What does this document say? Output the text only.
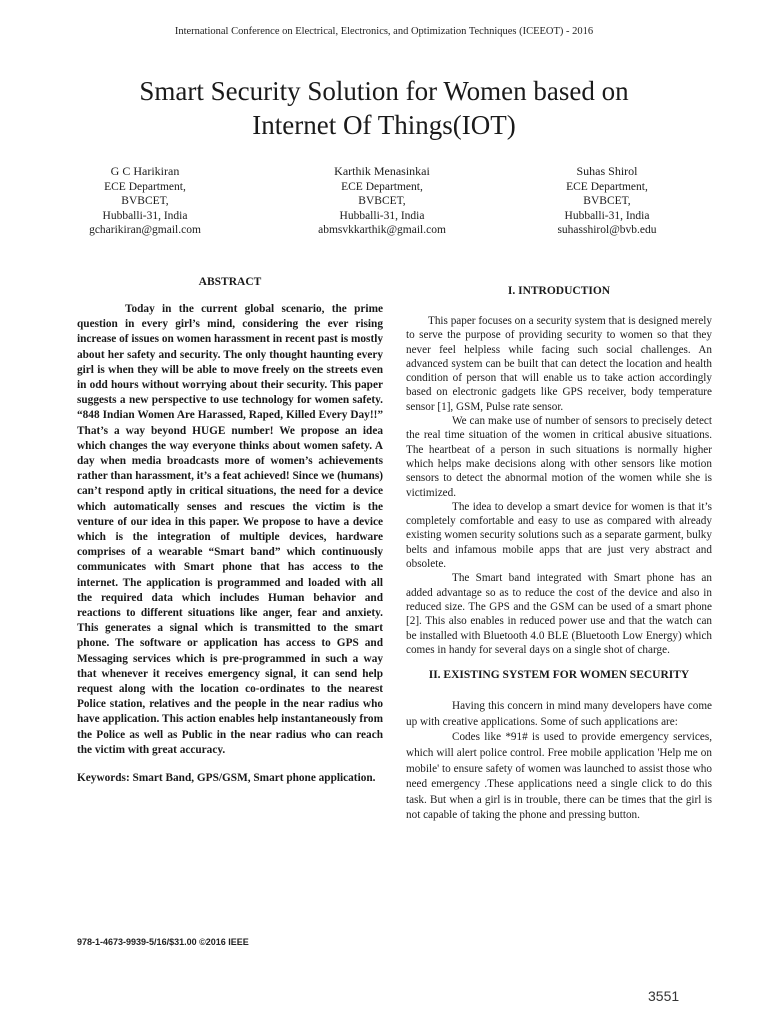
International Conference on Electrical, Electronics, and Optimization Techniques (ICEEOT) - 2016
Smart Security Solution for Women based on
Internet Of Things(IOT)
G C Harikiran
ECE Department,
BVBCET,
Hubballi-31, India
gcharikiran@gmail.com
Karthik Menasinkai
ECE Department,
BVBCET,
Hubballi-31, India
abmsvkkarthik@gmail.com
Suhas Shirol
ECE Department,
BVBCET,
Hubballi-31, India
suhasshirol@bvb.edu
ABSTRACT

Today in the current global scenario, the prime question in every girl’s mind, considering the ever rising increase of issues on women harassment in recent past is mostly about her safety and security. The only thought haunting every girl is when they will be able to move freely on the streets even in odd hours without worrying about their security. This paper suggests a new perspective to use technology for women safety. “848 Indian Women Are Harassed, Raped, Killed Every Day!!” That’s a way beyond HUGE number! We propose an idea which changes the way everyone thinks about women safety. A day when media broadcasts more of women’s achievements rather than harassment, it’s a feat achieved! Since we (humans) can’t respond aptly in critical situations, the need for a device which automatically senses and rescues the victim is the venture of our idea in this paper. We propose to have a device which is the integration of multiple devices, hardware comprises of a wearable “Smart band” which continuously communicates with Smart phone that has access to the internet. The application is programmed and loaded with all the required data which includes Human behavior and reactions to different situations like anger, fear and anxiety. This generates a signal which is transmitted to the smart phone. The software or application has access to GPS and Messaging services which is pre-programmed in such a way that whenever it receives emergency signal, it can send help request along with the location co-ordinates to the nearest Police station, relatives and the people in the near radius who have application. This action enables help instantaneously from the Police as well as Public in the near radius who can reach the victim with great accuracy.

Keywords: Smart Band, GPS/GSM, Smart phone application.

I. INTRODUCTION

This paper focuses on a security system that is designed merely to serve the purpose of providing security to women so that they never feel helpless while facing such social challenges. An advanced system can be built that can detect the location and health condition of person that will enable us to take action accordingly based on electronic gadgets like GPS receiver, body temperature sensor [1], GSM, Pulse rate sensor.

We can make use of number of sensors to precisely detect the real time situation of the women in critical abusive situations. The heartbeat of a person in such situations is normally higher which helps make decisions along with other sensors like motion sensors to detect the abnormal motion of the women while she is victimized.

The idea to develop a smart device for women is that it’s completely comfortable and easy to use as compared with already existing women security solutions such as a separate garment, bulky belts and infamous mobile apps that are just very abstract and obsolete.

The Smart band integrated with Smart phone has an added advantage so as to reduce the cost of the device and also in reduced size. The GPS and the GSM can be used of a smart phone [2]. This also enables in reduced power use and that the watch can be installed with Bluetooth 4.0 BLE (Bluetooth Low Energy) which comes in handy for several days on a single shot of charge.

II. EXISTING SYSTEM FOR WOMEN SECURITY

Having this concern in mind many developers have come up with creative applications. Some of such applications are:

Codes like *91# is used to provide emergency services, which will alert police control. Free mobile application 'Help me on mobile' to ensure safety of women was launched to assist those who need emergency .These applications need a single click to do this task. But when a girl is in trouble, there can be times that the girl is not capable of taking the phone and pressing button.

978-1-4673-9939-5/16/$31.00 ©2016 IEEE
3551
